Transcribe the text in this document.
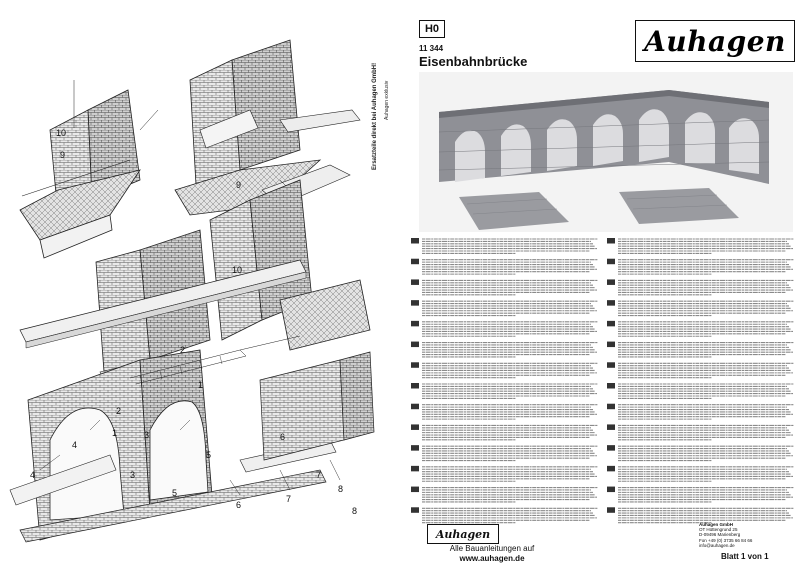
9
10
9
10
1
2
3
4
5
6
7
8
1
2
3
4
5
6
7
8
Ersatzteile direkt bei Auhagen GmbH! Auhagen exklusiv
H0	Auhagen
11 344
Eisenbahnbrücke
Auhagen
Alle Bauanleitungen auf
www.auhagen.de
Auhagen GmbH
OT Hüttengrund 25
D-09496 Marienberg
Fon +49 (0) 3735 66 84 66
info@auhagen.de
Blatt 1 von 1
